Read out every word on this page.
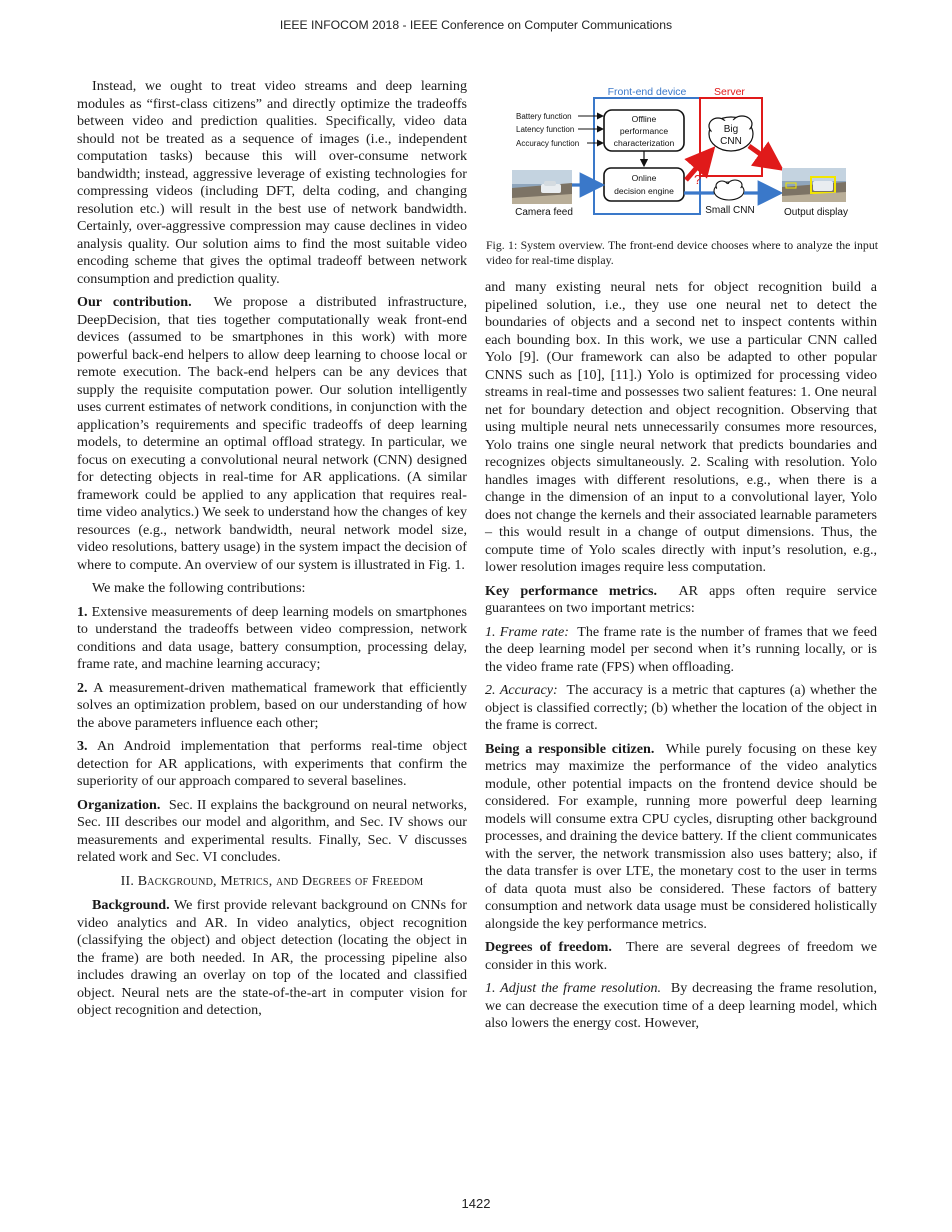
IEEE INFOCOM 2018 - IEEE Conference on Computer Communications
Front-end device	Server
Battery function
Latency function
Accuracy function
Offline
performance
characterization
Online
decision engine
Camera feed
Big
CNN
?
Small CNN	Output display
Fig. 1: System overview. The front-end device chooses where to analyze the input video for real-time display.

Instead, we ought to treat video streams and deep learning modules as “first-class citizens” and directly optimize the tradeoffs between video and prediction qualities. Specifically, video data should not be treated as a sequence of images (i.e., independent computation tasks) because this will over-consume network bandwidth; instead, aggressive leverage of existing technologies for compressing videos (including DFT, delta coding, and changing resolution etc.) will result in the best use of network bandwidth. Certainly, over-aggressive compression may cause declines in video analysis quality. Our solution aims to find the most suitable video encoding scheme that gives the optimal tradeoff between network consumption and prediction quality.

Our contribution. We propose a distributed infrastructure, DeepDecision, that ties together computationally weak front-end devices (assumed to be smartphones in this work) with more powerful back-end helpers to allow deep learning to choose local or remote execution. The back-end helpers can be any devices that supply the requisite computation power. Our solution intelligently uses current estimates of network conditions, in conjunction with the application’s requirements and specific tradeoffs of deep learning models, to determine an optimal offload strategy. In particular, we focus on executing a convolutional neural network (CNN) designed for detecting objects in real-time for AR applications. (A similar framework could be applied to any application that requires real-time video analytics.) We seek to understand how the changes of key resources (e.g., network bandwidth, neural network model size, video resolutions, battery usage) in the system impact the decision of where to compute. An overview of our system is illustrated in Fig. 1.

We make the following contributions:

1. Extensive measurements of deep learning models on smartphones to understand the tradeoffs between video compression, network conditions and data usage, battery consumption, processing delay, frame rate, and machine learning accuracy;

2. A measurement-driven mathematical framework that efficiently solves an optimization problem, based on our understanding of how the above parameters influence each other;

3. An Android implementation that performs real-time object detection for AR applications, with experiments that confirm the superiority of our approach compared to several baselines.

Organization. Sec. II explains the background on neural networks, Sec. III describes our model and algorithm, and Sec. IV shows our measurements and experimental results. Finally, Sec. V discusses related work and Sec. VI concludes.

II. Background, Metrics, and Degrees of Freedom

Background. We first provide relevant background on CNNs for video analytics and AR. In video analytics, object recognition (classifying the object) and object detection (locating the object in the frame) are both needed. In AR, the processing pipeline also includes drawing an overlay on top of the located and classified object. Neural nets are the state-of-the-art in computer vision for object recognition and detection,

and many existing neural nets for object recognition build a pipelined solution, i.e., they use one neural net to detect the boundaries of objects and a second net to inspect contents within each bounding box. In this work, we use a particular CNN called Yolo [9]. (Our framework can also be adapted to other popular CNNS such as [10], [11].) Yolo is optimized for processing video streams in real-time and possesses two salient features: 1. One neural net for boundary detection and object recognition. Observing that using multiple neural nets unnecessarily consumes more resources, Yolo trains one single neural network that predicts boundaries and recognizes objects simultaneously. 2. Scaling with resolution. Yolo handles images with different resolutions, e.g., when there is a change in the dimension of an input to a convolutional layer, Yolo does not change the kernels and their associated learnable parameters – this would result in a change of output dimensions. Thus, the compute time of Yolo scales directly with input’s resolution, e.g., lower resolution images require less computation.

Key performance metrics. AR apps often require service guarantees on two important metrics:

1. Frame rate: The frame rate is the number of frames that we feed the deep learning model per second when it’s running locally, or is the video frame rate (FPS) when offloading.

2. Accuracy: The accuracy is a metric that captures (a) whether the object is classified correctly; (b) whether the location of the object in the frame is correct.

Being a responsible citizen. While purely focusing on these key metrics may maximize the performance of the video analytics module, other potential impacts on the frontend device should be considered. For example, running more powerful deep learning models will consume extra CPU cycles, disrupting other background processes, and draining the device battery. If the client communicates with the server, the network transmission also uses battery; also, if the data transfer is over LTE, the monetary cost to the user in terms of data quota must also be considered. These factors of battery consumption and network data usage must be considered holistically alongside the key performance metrics.

Degrees of freedom. There are several degrees of freedom we consider in this work.

1. Adjust the frame resolution. By decreasing the frame resolution, we can decrease the execution time of a deep learning model, which also lowers the energy cost. However,

1422
